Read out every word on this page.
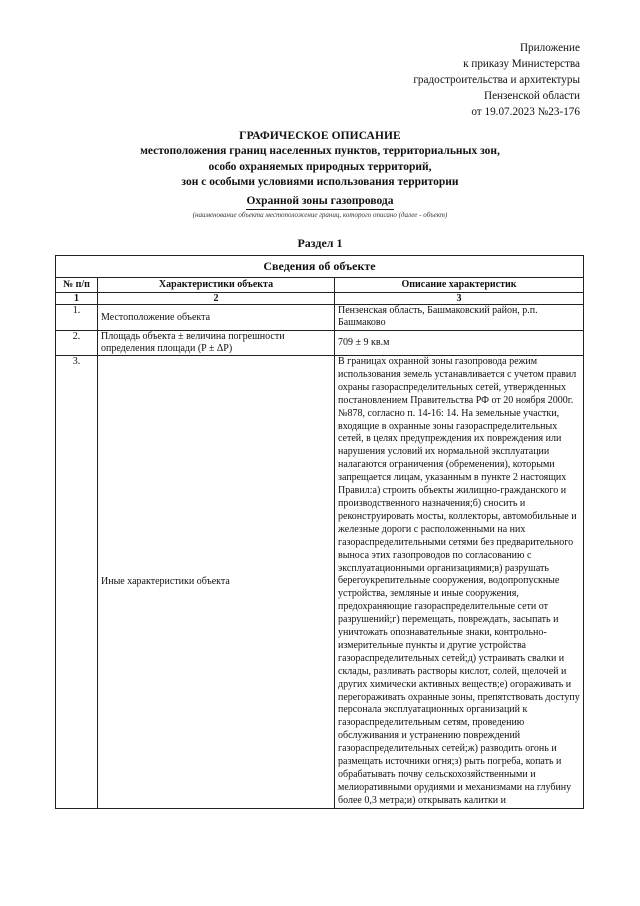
Приложение
к приказу Министерства
градостроительства и архитектуры
Пензенской области
от 19.07.2023 №23-176
ГРАФИЧЕСКОЕ ОПИСАНИЕ
местоположения границ населенных пунктов, территориальных зон,
особо охраняемых природных территорий,
зон с особыми условиями использования территории
Охранной зоны газопровода
(наименование объекта местоположение границ, которого описано (далее - объект)
Раздел 1
Сведения об объекте		
№ п/п	Характеристики объекта	Описание характеристик
1	2	3
1.	Местоположение объекта	Пензенская область, Башмаковский район, р.п. Башмаково
2.	Площадь объекта ± величина погрешности определения площади (P ± ΔP)	709 ± 9 кв.м
3.	Иные характеристики объекта	В границах охранной зоны газопровода режим использования земель устанавливается с учетом правил охраны газораспределительных сетей, утвержденных постановлением Правительства РФ от 20 ноября 2000г. №878, согласно п. 14-16: 14. На земельные участки, входящие в охранные зоны газораспределительных сетей, в целях предупреждения их повреждения или нарушения условий их нормальной эксплуатации налагаются ограничения (обременения), которыми запрещается лицам, указанным в пункте 2 настоящих Правил:а) строить объекты жилищно-гражданского и производственного назначения;б) сносить и реконструировать мосты, коллекторы, автомобильные и железные дороги с расположенными на них газораспределительными сетями без предварительного выноса этих газопроводов по согласованию с эксплуатационными организациями;в) разрушать берегоукрепительные сооружения, водопропускные устройства, земляные и иные сооружения, предохраняющие газораспределительные сети от разрушений;г) перемещать, повреждать, засыпать и уничтожать опознавательные знаки, контрольно-измерительные пункты и другие устройства газораспределительных сетей;д) устраивать свалки и склады, разливать растворы кислот, солей, щелочей и других химически активных веществ;е) огораживать и перегораживать охранные зоны, препятствовать доступу персонала эксплуатационных организаций к газораспределительным сетям, проведению обслуживания и устранению повреждений газораспределительных сетей;ж) разводить огонь и размещать источники огня;з) рыть погреба, копать и обрабатывать почву сельскохозяйственными и мелиоративными орудиями и механизмами на глубину более 0,3 метра;и) открывать калитки и
